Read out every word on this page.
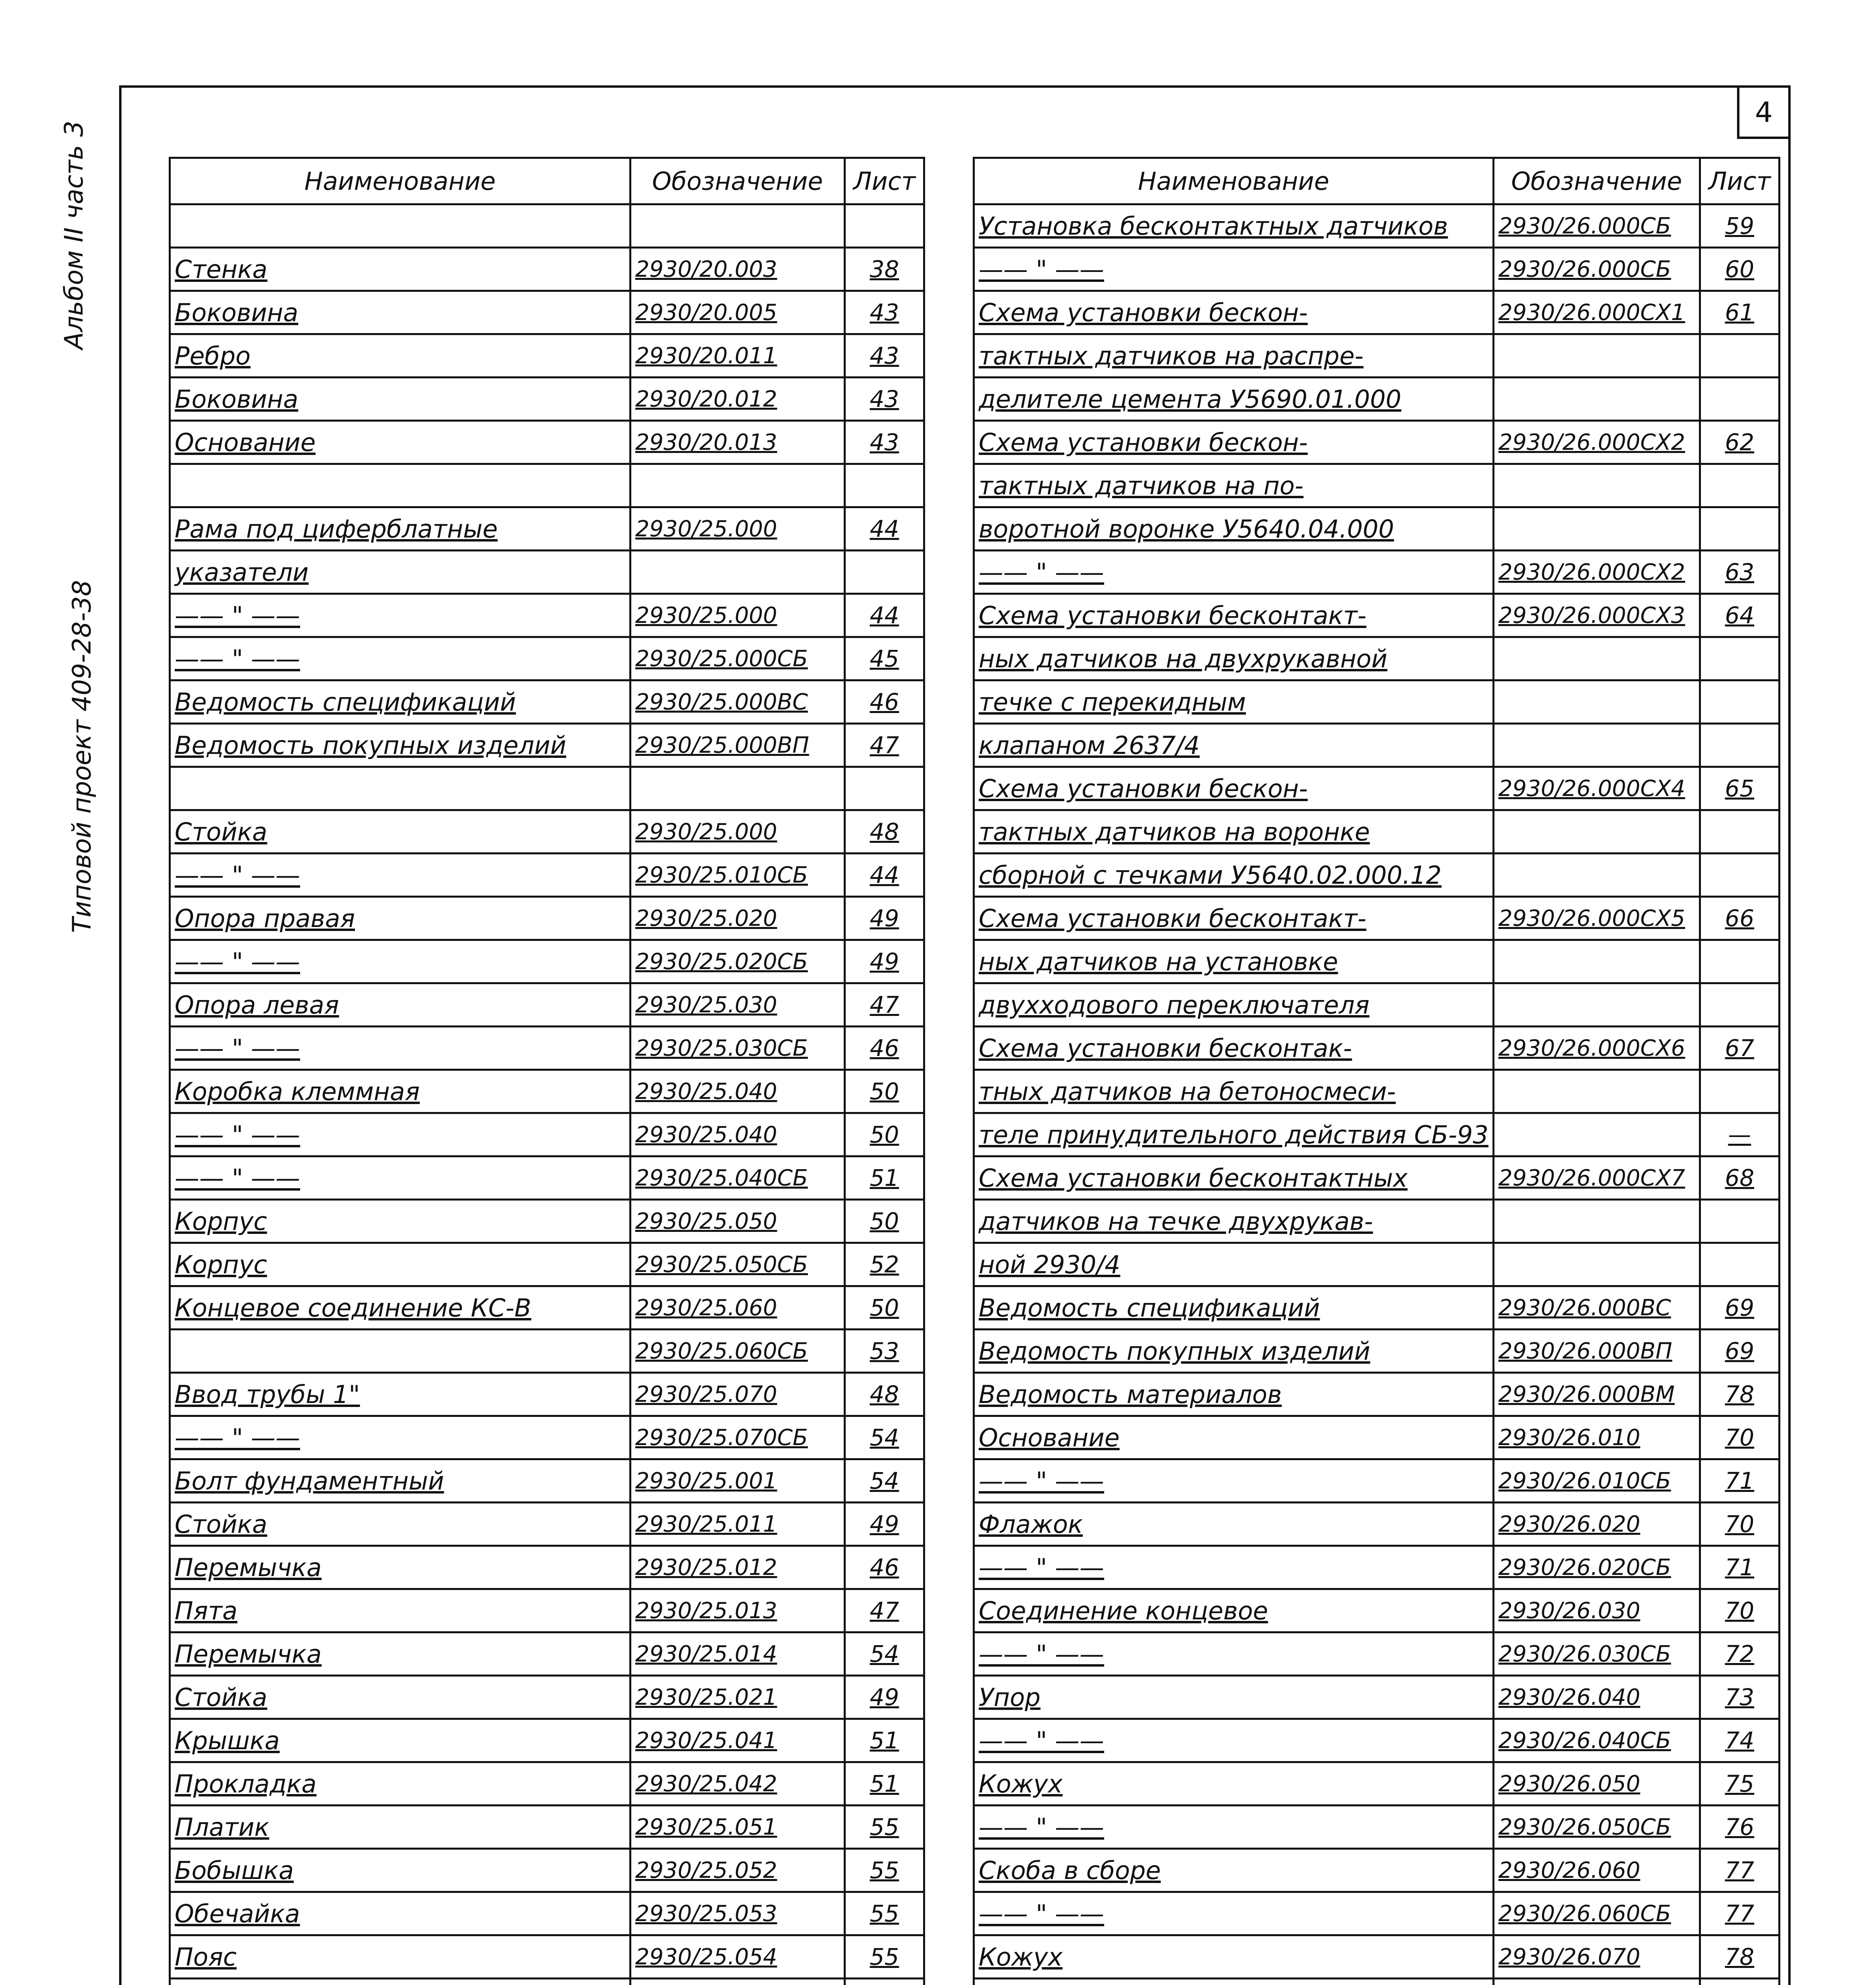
4
Альбом II часть 3
Типовой проект 409-28-38
Наименование	Обозначение	Лист

Стенка	2930/20.003	38
Боковина	2930/20.005	43
Ребро	2930/20.011	43
Боковина	2930/20.012	43
Основание	2930/20.013	43

Рама под циферблатные	2930/25.000	44
указатели		
—— " ——	2930/25.000	44
—— " ——	2930/25.000СБ	45
Ведомость спецификаций	2930/25.000ВС	46
Ведомость покупных изделий	2930/25.000ВП	47

Стойка	2930/25.000	48
—— " ——	2930/25.010СБ	44
Опора правая	2930/25.020	49
—— " ——	2930/25.020СБ	49
Опора левая	2930/25.030	47
—— " ——	2930/25.030СБ	46
Коробка клеммная	2930/25.040	50
—— " ——	2930/25.040	50
—— " ——	2930/25.040СБ	51
Корпус	2930/25.050	50
Корпус	2930/25.050СБ	52
Концевое соединение КС-В	2930/25.060	50
	2930/25.060СБ	53
Ввод трубы 1"	2930/25.070	48
—— " ——	2930/25.070СБ	54
Болт фундаментный	2930/25.001	54
Стойка	2930/25.011	49
Перемычка	2930/25.012	46
Пята	2930/25.013	47
Перемычка	2930/25.014	54
Стойка	2930/25.021	49
Крышка	2930/25.041	51
Прокладка	2930/25.042	51
Платик	2930/25.051	55
Бобышка	2930/25.052	55
Обечайка	2930/25.053	55
Пояс	2930/25.054	55

Наименование	Обозначение	Лист
Установка бесконтактных датчиков	2930/26.000СБ	59
—— " ——	2930/26.000СБ	60
Схема установки бескон-	2930/26.000СХ1	61
тактных датчиков на распре-		
делителе цемента У5690.01.000		
Схема установки бескон-	2930/26.000СХ2	62
тактных датчиков на по-		
воротной воронке У5640.04.000		
—— " ——	2930/26.000СХ2	63
Схема установки бесконтакт-	2930/26.000СХ3	64
ных датчиков на двухрукавной		
течке с перекидным		
клапаном 2637/4		
Схема установки бескон-	2930/26.000СХ4	65
тактных датчиков на воронке		
сборной с течками У5640.02.000.12		
Схема установки бесконтакт-	2930/26.000СХ5	66
ных датчиков на установке		
двухходового переключателя		
Схема установки бесконтак-	2930/26.000СХ6	67
тных датчиков на бетоносмеси-		
теле принудительного действия СБ-93		—
Схема установки бесконтактных	2930/26.000СХ7	68
датчиков на течке двухрукав-		
ной 2930/4		
Ведомость спецификаций	2930/26.000ВС	69
Ведомость покупных изделий	2930/26.000ВП	69
Ведомость материалов	2930/26.000ВМ	78
Основание	2930/26.010	70
—— " ——	2930/26.010СБ	71
Флажок	2930/26.020	70
—— " ——	2930/26.020СБ	71
Соединение концевое	2930/26.030	70
—— " ——	2930/26.030СБ	72
Упор	2930/26.040	73
—— " ——	2930/26.040СБ	74
Кожух	2930/26.050	75
—— " ——	2930/26.050СБ	76
Скоба в сборе	2930/26.060	77
—— " ——	2930/26.060СБ	77
Кожух	2930/26.070	78
